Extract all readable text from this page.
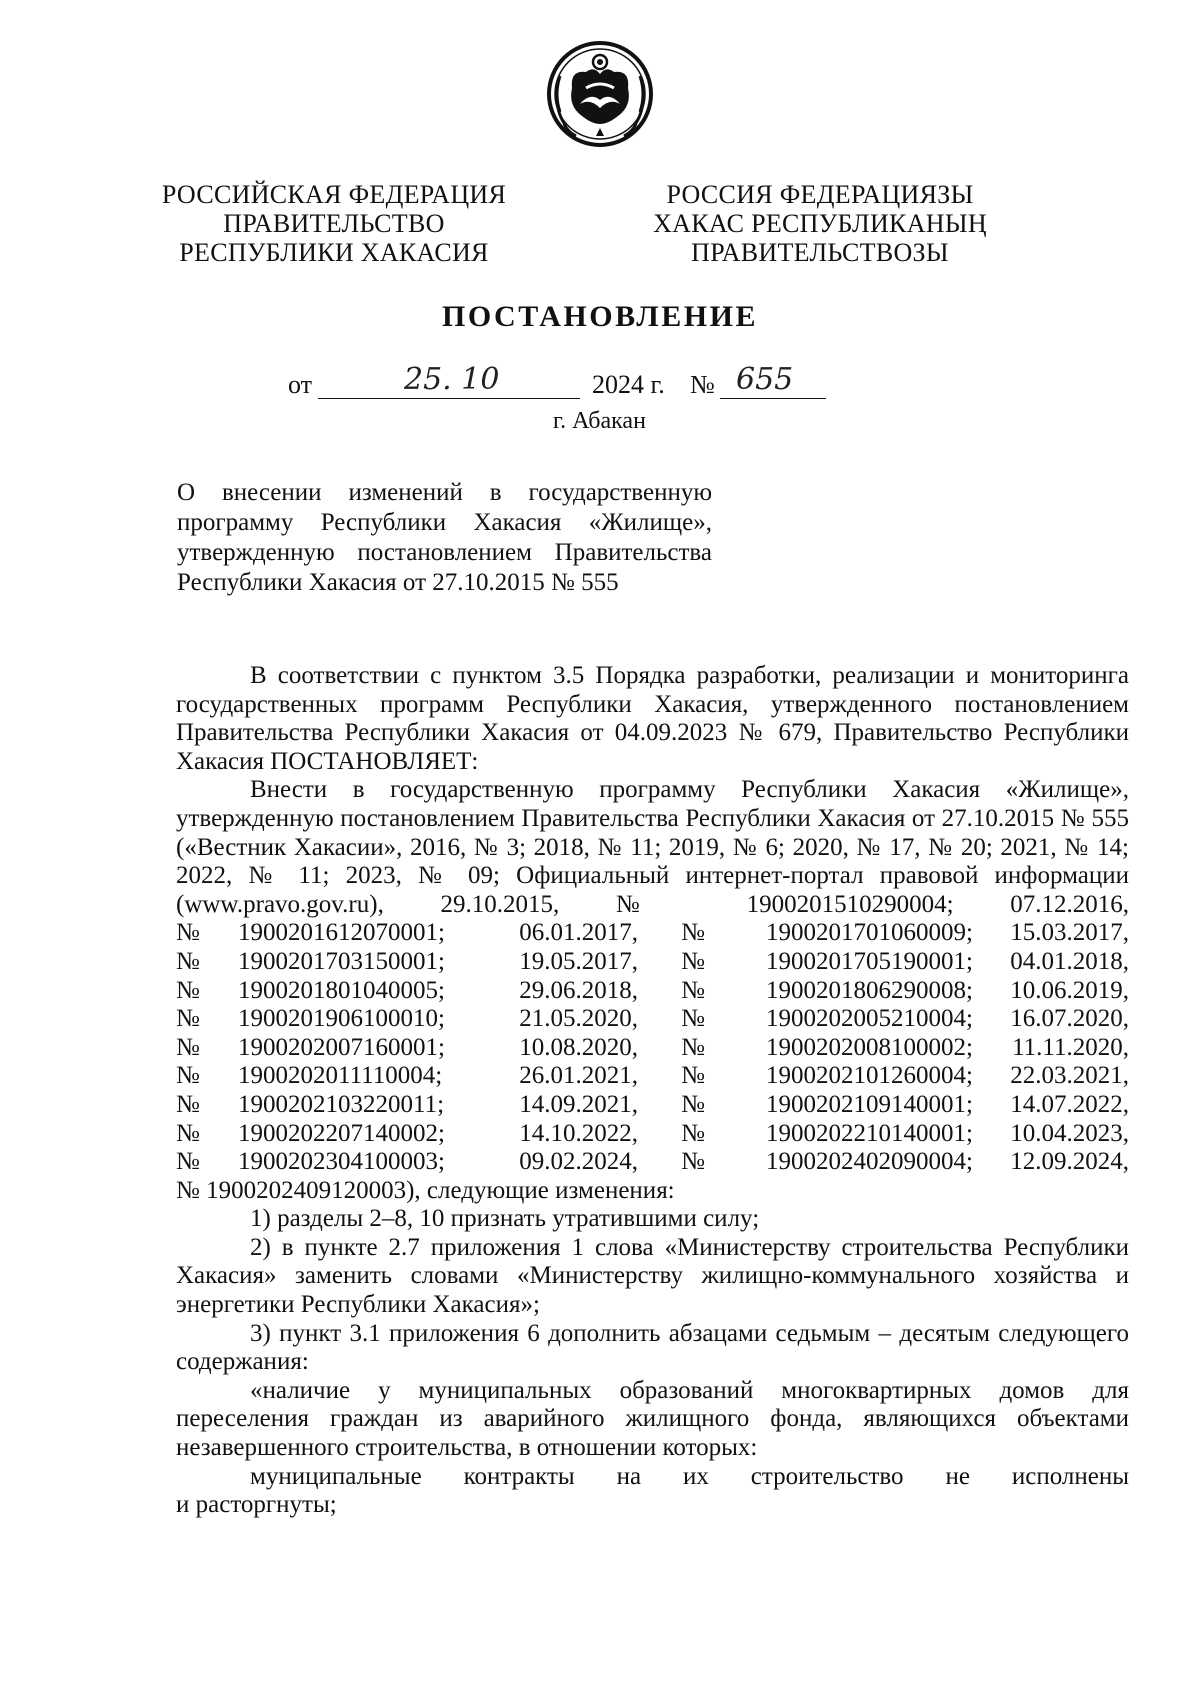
РОССИЙСКАЯ ФЕДЕРАЦИЯ
ПРАВИТЕЛЬСТВО
РЕСПУБЛИКИ ХАКАСИЯ
РОССИЯ ФЕДЕРАЦИЯЗЫ
ХАКАС РЕСПУБЛИКАНЫҢ
ПРАВИТЕЛЬСТВОЗЫ
ПОСТАНОВЛЕНИЕ
от	25. 10	2024 г. № 655
г. Абакан
О внесении изменений в государственную программу Республики Хакасия «Жилище», утвержденную постановлением Правительства Республики Хакасия от 27.10.2015 № 555

В соответствии с пунктом 3.5 Порядка разработки, реализации и мониторинга государственных программ Республики Хакасия, утвержденного постановлением Правительства Республики Хакасия от 04.09.2023 № 679, Правительство Республики Хакасия ПОСТАНОВЛЯЕТ:

Внести в государственную программу Республики Хакасия «Жилище», утвержденную постановлением Правительства Республики Хакасия от 27.10.2015 № 555 («Вестник Хакасии», 2016, № 3; 2018, № 11; 2019, № 6; 2020, № 17, № 20; 2021, № 14; 2022, № 11; 2023, № 09; Официальный интернет-портал правовой информации (www.pravo.gov.ru), 29.10.2015, № 1900201510290004; 07.12.2016,

№	1900201612070001;	06.01.2017,	№	1900201701060009;	15.03.2017,
№	1900201703150001;	19.05.2017,	№	1900201705190001;	04.01.2018,
№	1900201801040005;	29.06.2018,	№	1900201806290008;	10.06.2019,
№	1900201906100010;	21.05.2020,	№	1900202005210004;	16.07.2020,
№	1900202007160001;	10.08.2020,	№	1900202008100002;	11.11.2020,
№	1900202011110004;	26.01.2021,	№	1900202101260004;	22.03.2021,
№	1900202103220011;	14.09.2021,	№	1900202109140001;	14.07.2022,
№	1900202207140002;	14.10.2022,	№	1900202210140001;	10.04.2023,
№	1900202304100003;	09.02.2024,	№	1900202402090004;	12.09.2024,

№ 1900202409120003), следующие изменения:

1) разделы 2–8, 10 признать утратившими силу;

2) в пункте 2.7 приложения 1 слова «Министерству строительства Республики Хакасия» заменить словами «Министерству жилищно-коммунального хозяйства и энергетики Республики Хакасия»;

3) пункт 3.1 приложения 6 дополнить абзацами седьмым – десятым следующего содержания:

«наличие у муниципальных образований многоквартирных домов для переселения граждан из аварийного жилищного фонда, являющихся объектами незавершенного строительства, в отношении которых:

муниципальные контракты на их строительство не исполнены

и расторгнуты;
